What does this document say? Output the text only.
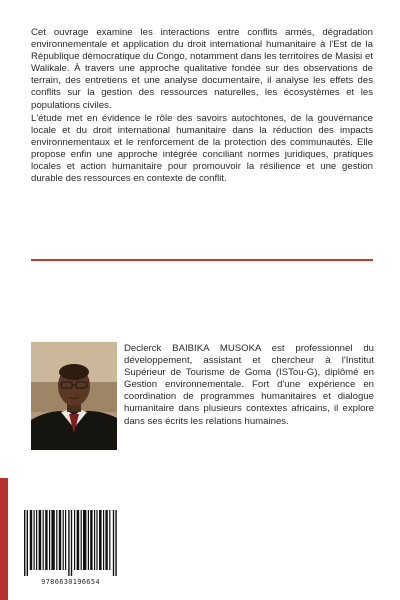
Cet ouvrage examine les interactions entre conflits armés, dégradation environnementale et application du droit international humanitaire à l'Est de la République démocratique du Congo, notamment dans les territoires de Masisi et Walikale. À travers une approche qualitative fondée sur des observations de terrain, des entretiens et une analyse documentaire, il analyse les effets des conflits sur la gestion des ressources naturelles, les écosystèmes et les populations civiles.

L'étude met en évidence le rôle des savoirs autochtones, de la gouvernance locale et du droit international humanitaire dans la réduction des impacts environnementaux et le renforcement de la protection des communautés. Elle propose enfin une approche intégrée conciliant normes juridiques, pratiques locales et action humanitaire pour promouvoir la résilience et une gestion durable des ressources en contexte de conflit.

Declerck BAIBIKA MUSOKA est professionnel du développement, assistant et chercheur à l'Institut Supérieur de Tourisme de Goma (ISTou-G), diplômé en Gestion environnementale. Fort d'une expérience en coordination de programmes humanitaires et dialogue humanitaire dans plusieurs contextes africains, il explore dans ses écrits les relations humaines.

9786630196654
